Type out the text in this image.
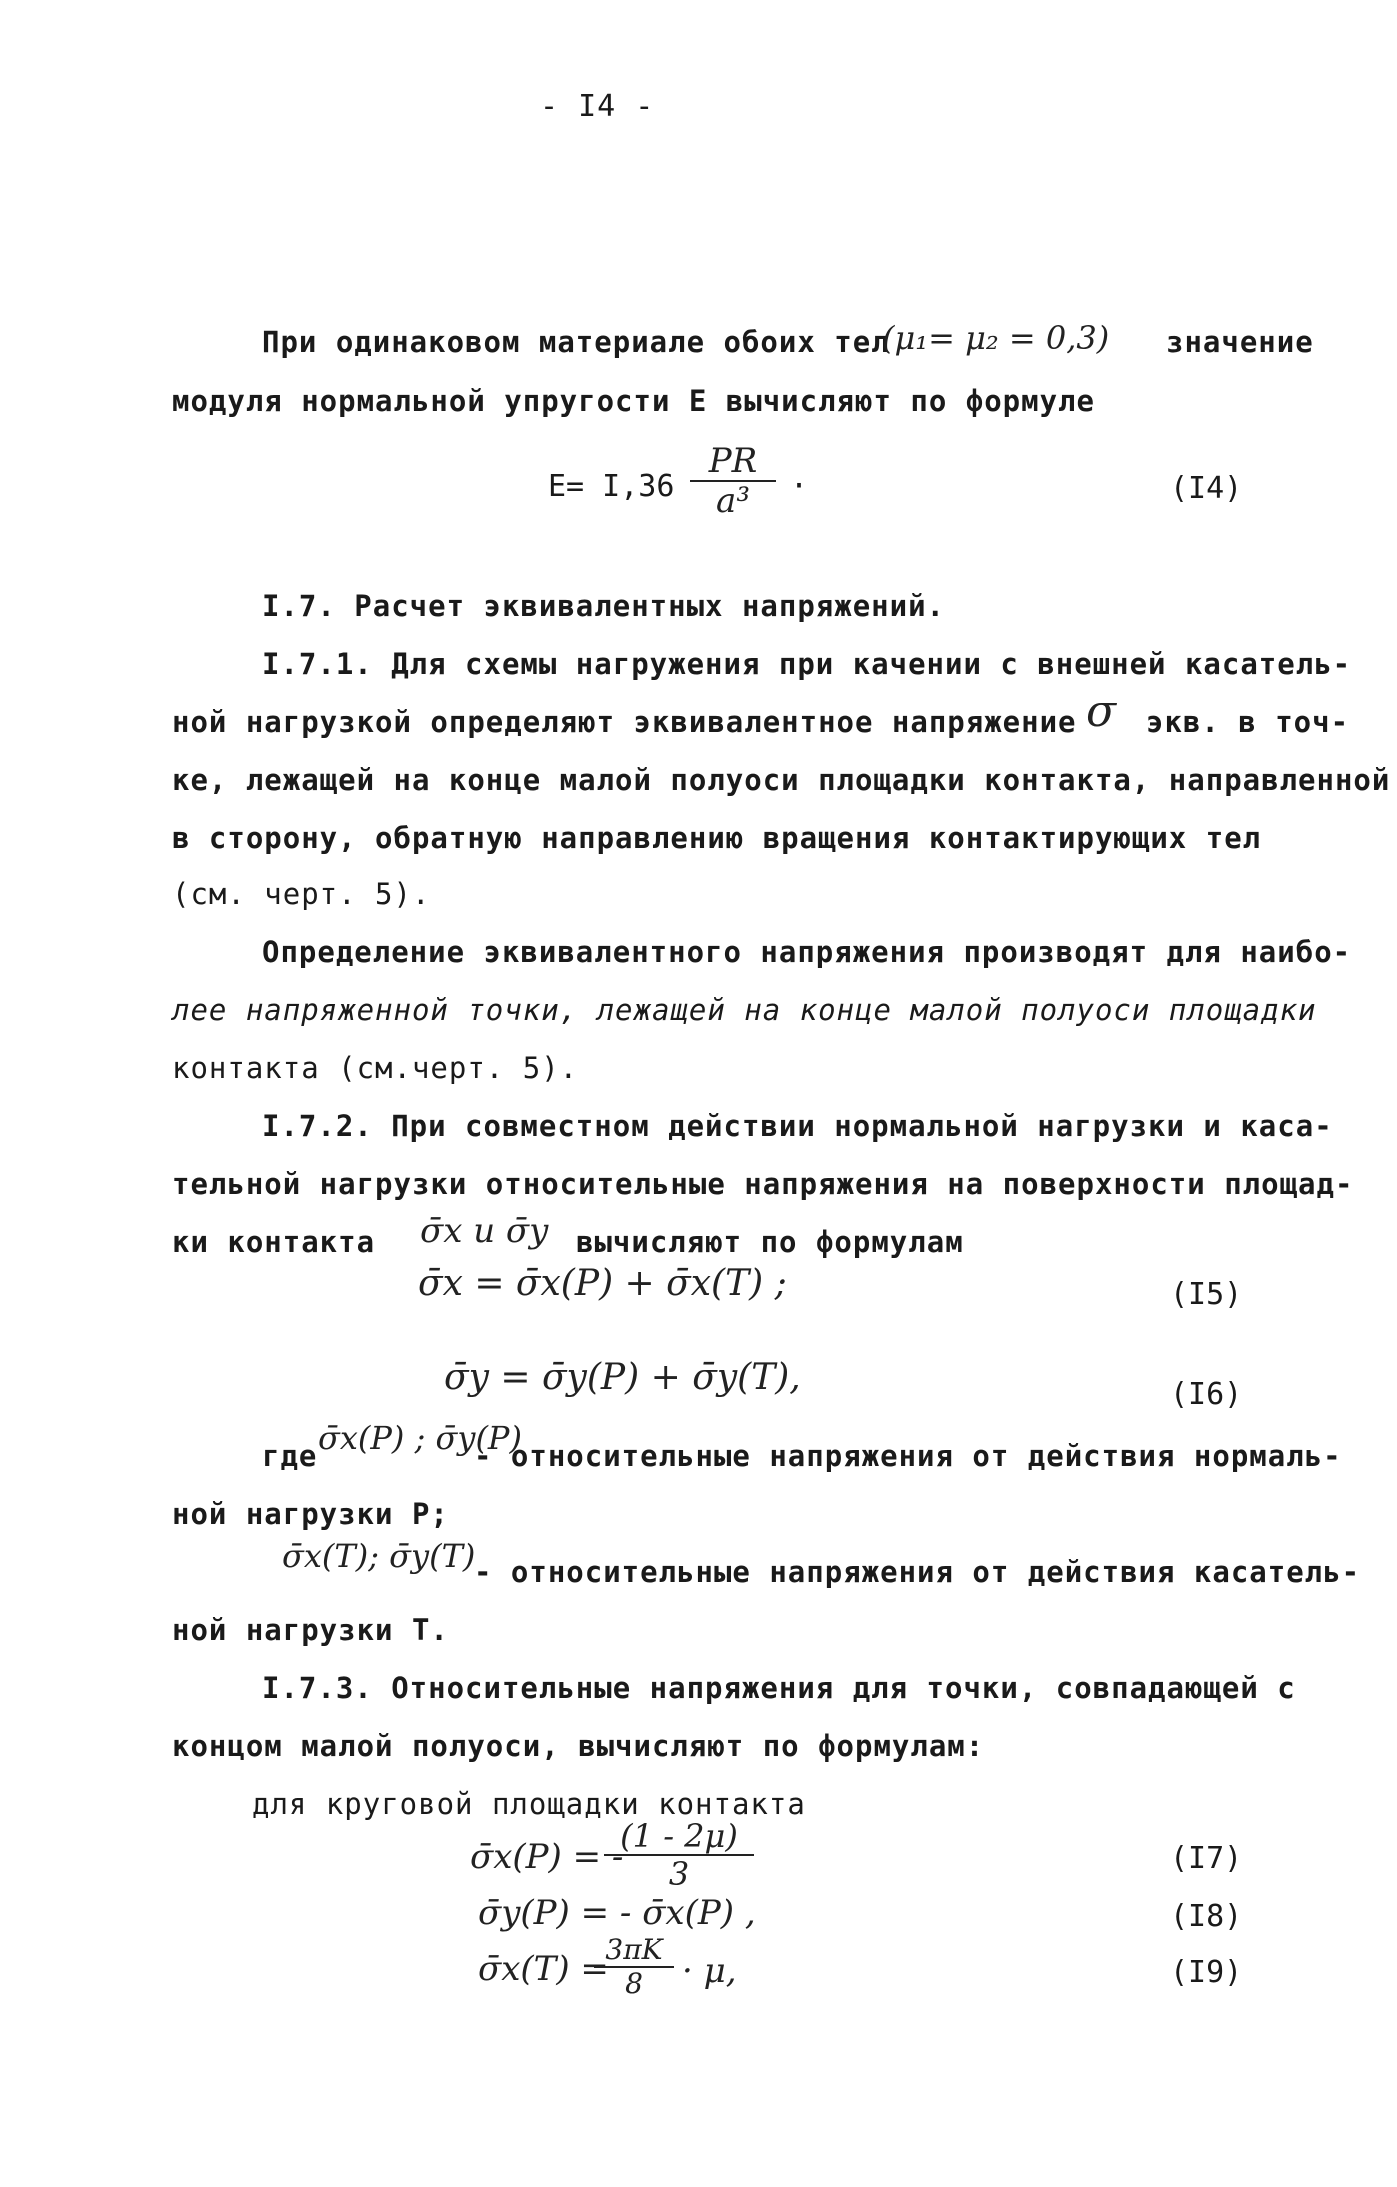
- I4 -
При одинаковом материале обоих тел
(μ₁= μ₂ = 0,3) значение
модуля нормальной упругости E вычисляют по формуле
E= I,36
PR
a³	·	(I4)
I.7. Расчет эквивалентных напряжений.
I.7.1. Для схемы нагружения при качении с внешней касатель-
ной нагрузкой определяют эквивалентное напряжение σ экв. в точ-
ке, лежащей на конце малой полуоси площадки контакта, направленной
в сторону, обратную направлению вращения контактирующих тел
(см. черт. 5).
Определение эквивалентного напряжения производят для наибо-
лее напряженной точки, лежащей на конце малой полуоси площадки
контакта (см.черт. 5).
I.7.2. При совместном действии нормальной нагрузки и каса-
тельной нагрузки относительные напряжения на поверхности площад-
ки контакта σ̄x и σ̄y вычисляют по формулам
σ̄x = σ̄x(P) + σ̄x(T) ;	(I5)
σ̄y = σ̄y(P) + σ̄y(T),	(I6)
где σ̄x(P) ; σ̄y(P)
- относительные напряжения от действия нормаль-
ной нагрузки P;
σ̄x(T); σ̄y(T)
- относительные напряжения от действия касатель-
ной нагрузки T.
I.7.3. Относительные напряжения для точки, совпадающей с
концом малой полуоси, вычисляют по формулам:
для круговой площадки контакта
σ̄x(P) = -
(1 - 2μ)
3	(I7)
σ̄y(P) = - σ̄x(P) ,	(I8)
σ̄x(T) =
3πK
8	· μ,	(I9)
